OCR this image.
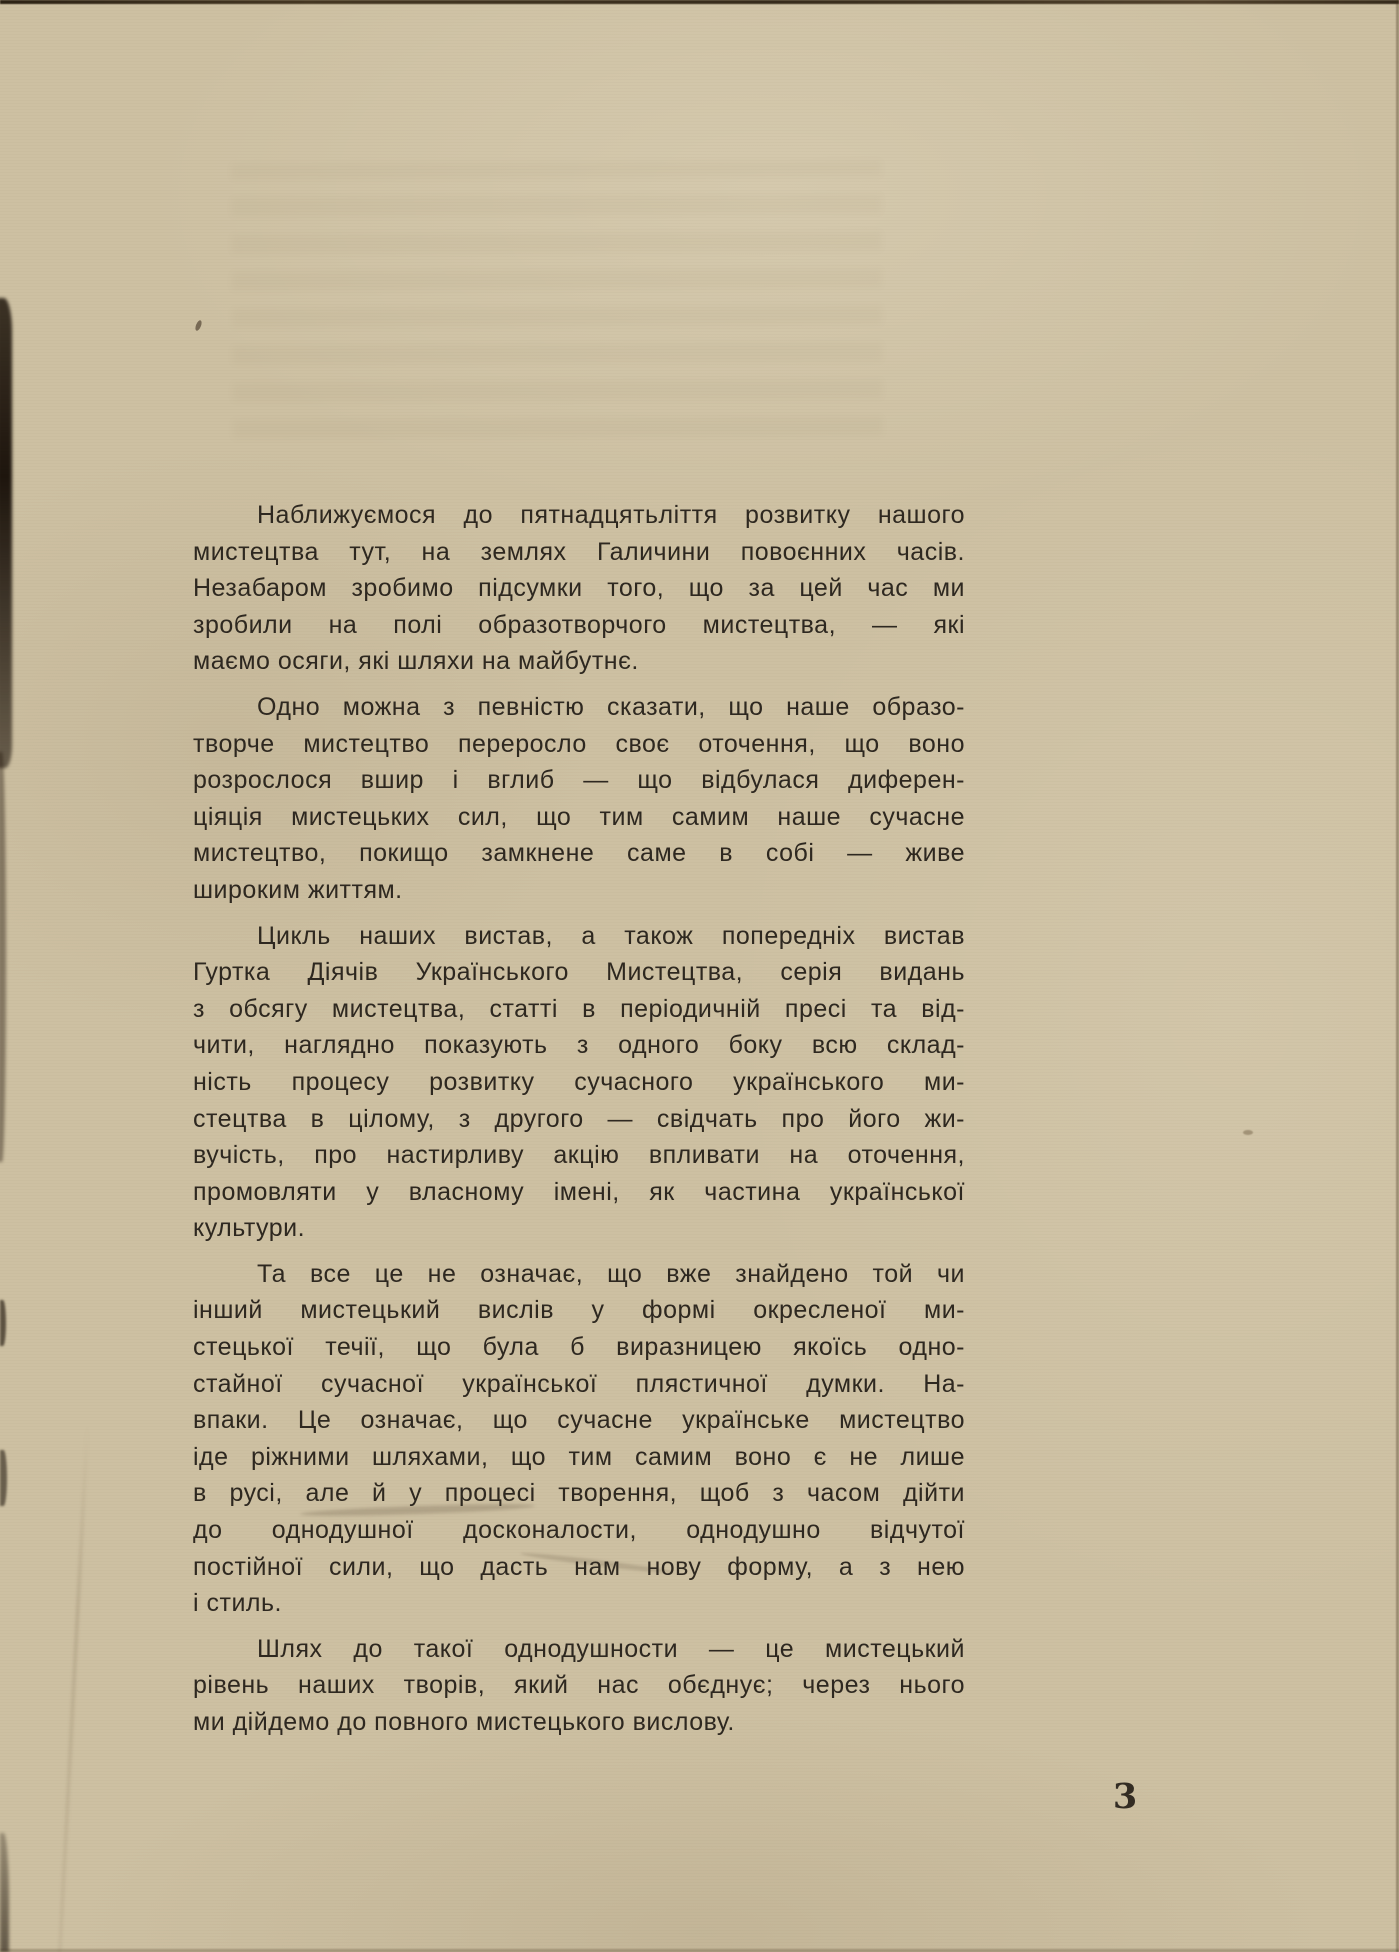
Наближуємося до пятнадцятьліття розвитку нашого
мистецтва тут, на землях Галичини повоєнних часів.
Незабаром зробимо підсумки того, що за цей час ми
зробили на полі образотворчого мистецтва, — які
маємо осяги, які шляхи на майбутнє.
Одно можна з певністю сказати, що наше образо-
творче мистецтво переросло своє оточення, що воно
розрослося вшир і вглиб — що відбулася диферен-
ціяція мистецьких сил, що тим самим наше сучасне
мистецтво, покищо замкнене саме в собі — живе
широким життям.
Цикль наших вистав, а також попередніх вистав
Гуртка Діячів Українського Мистецтва, серія видань
з обсягу мистецтва, статті в періодичній пресі та від-
чити, наглядно показують з одного боку всю склад-
ність процесу розвитку сучасного українського ми-
стецтва в цілому, з другого — свідчать про його жи-
вучість, про настирливу акцію впливати на оточення,
промовляти у власному імені, як частина української
культури.
Та все це не означає, що вже знайдено той чи
інший мистецький вислів у формі окресленої ми-
стецької течії, що була б виразницею якоїсь одно-
стайної сучасної української плястичної думки. На-
впаки. Це означає, що сучасне українське мистецтво
іде ріжними шляхами, що тим самим воно є не лише
в русі, але й у процесі творення, щоб з часом дійти
до однодушної досконалости, однодушно відчутої
постійної сили, що дасть нам нову форму, а з нею
і стиль.
Шлях до такої однодушности — це мистецький
рівень наших творів, який нас обєднує; через нього
ми дійдемо до повного мистецького вислову.
3
